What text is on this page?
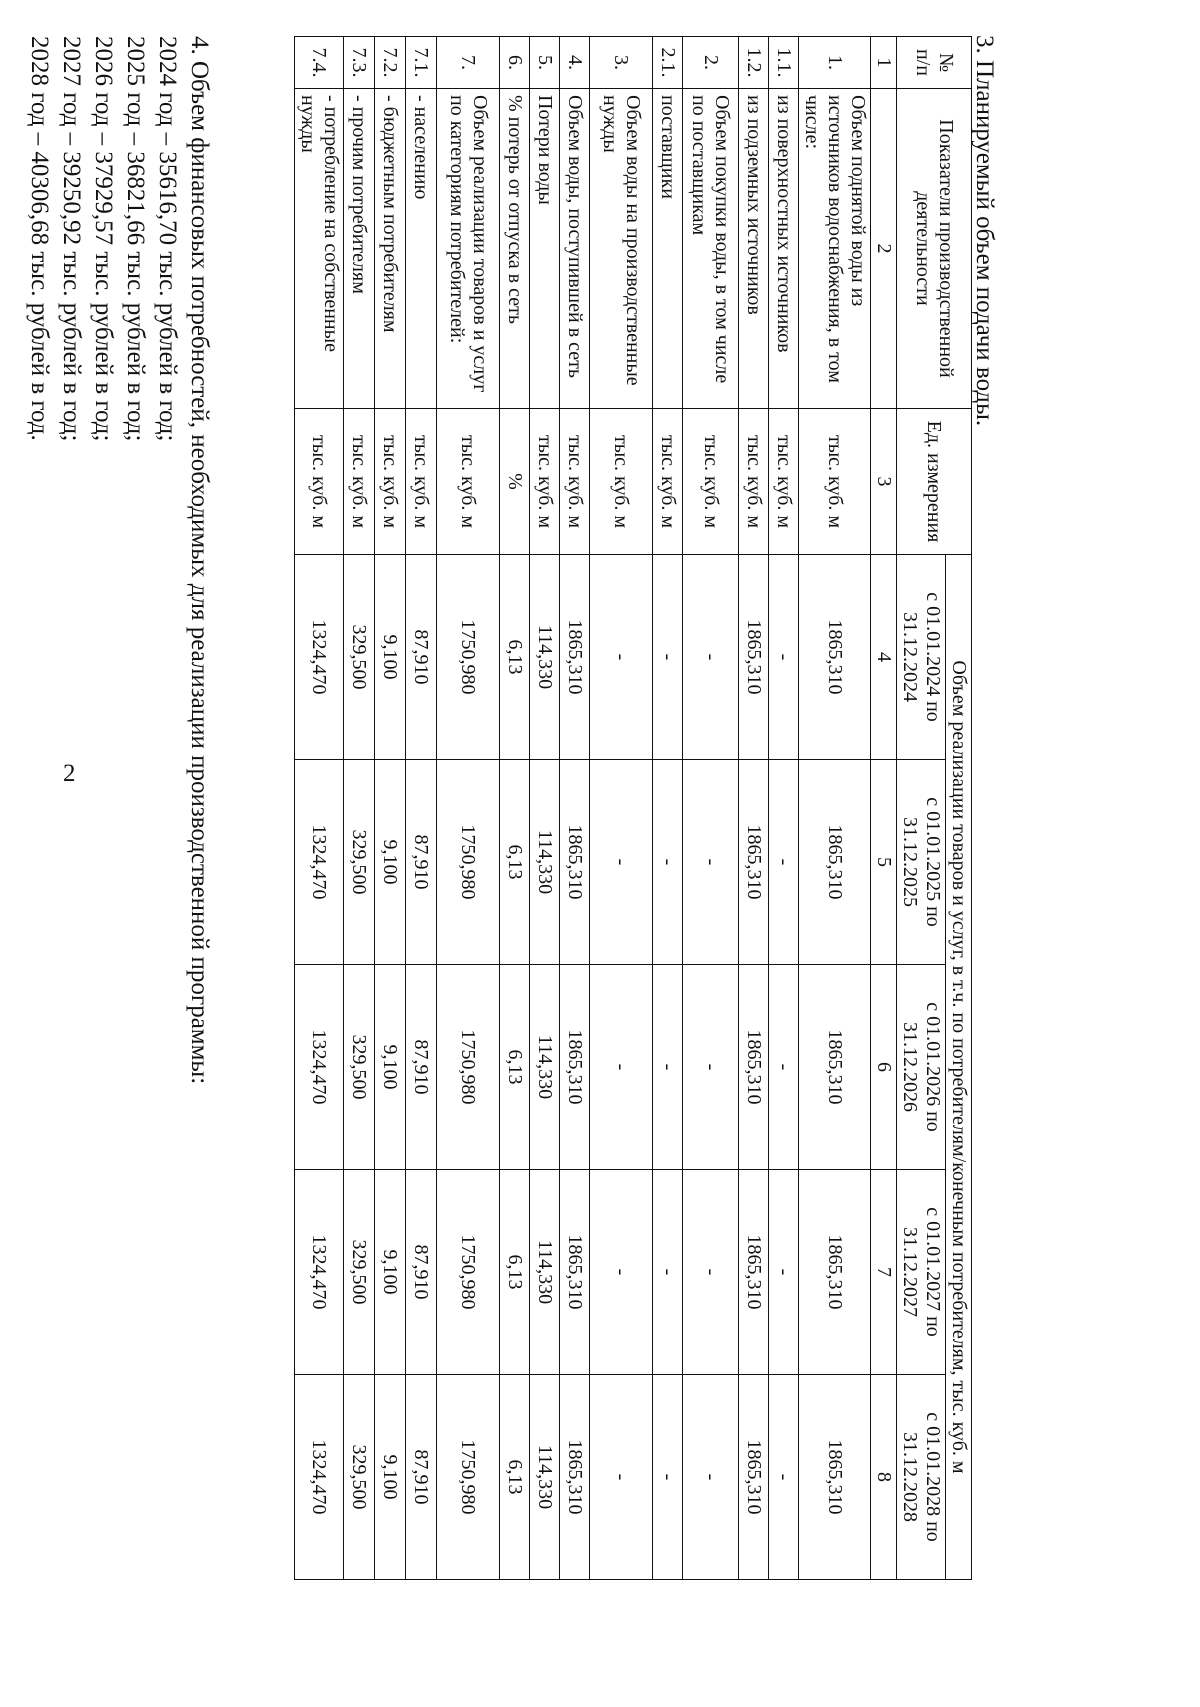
2
3. Планируемый объем подачи воды.
№ п/п	Показатели производственной деятельности	Ед. измерения	Объем реализации товаров и услуг, в т.ч. по потребителям/конечным потребителям, тыс. куб. м				
			с 01.01.2024 по 31.12.2024	с 01.01.2025 по 31.12.2025	с 01.01.2026 по 31.12.2026	с 01.01.2027 по 31.12.2027	с 01.01.2028 по 31.12.2028
1	2	3	4	5	6	7	8
1.	Объем поднятой воды из источников водоснабжения, в том числе:	тыс. куб. м	1865,310	1865,310	1865,310	1865,310	1865,310
1.1.	из поверхностных источников	тыс. куб. м	-	-	-	-	-
1.2.	из подземных источников	тыс. куб. м	1865,310	1865,310	1865,310	1865,310	1865,310
2.	Объем покупки воды, в том числе по поставщикам	тыс. куб. м	-	-	-	-	-
2.1.	поставщики	тыс. куб. м	-	-	-	-	-
3.	Объем воды на производственные нужды	тыс. куб. м	-	-	-	-	-
4.	Объем воды, поступившей в сеть	тыс. куб. м	1865,310	1865,310	1865,310	1865,310	1865,310
5.	Потери воды	тыс. куб. м	114,330	114,330	114,330	114,330	114,330
6.	% потерь от отпуска в сеть	%	6,13	6,13	6,13	6,13	6,13
7.	Объем реализации товаров и услуг по категориям потребителей:	тыс. куб. м	1750,980	1750,980	1750,980	1750,980	1750,980
7.1.	- населению	тыс. куб. м	87,910	87,910	87,910	87,910	87,910
7.2.	- бюджетным потребителям	тыс. куб. м	9,100	9,100	9,100	9,100	9,100
7.3.	- прочим потребителям	тыс. куб. м	329,500	329,500	329,500	329,500	329,500
7.4.	- потребление на собственные нужды	тыс. куб. м	1324,470	1324,470	1324,470	1324,470	1324,470
4. Объем финансовых потребностей, необходимых для реализации производственной программы:
2024 год – 35616,70 тыс. рублей в год;
2025 год – 36821,66 тыс. рублей в год;
2026 год – 37929,57 тыс. рублей в год;
2027 год – 39250,92 тыс. рублей в год;
2028 год – 40306,68 тыс. рублей в год.
